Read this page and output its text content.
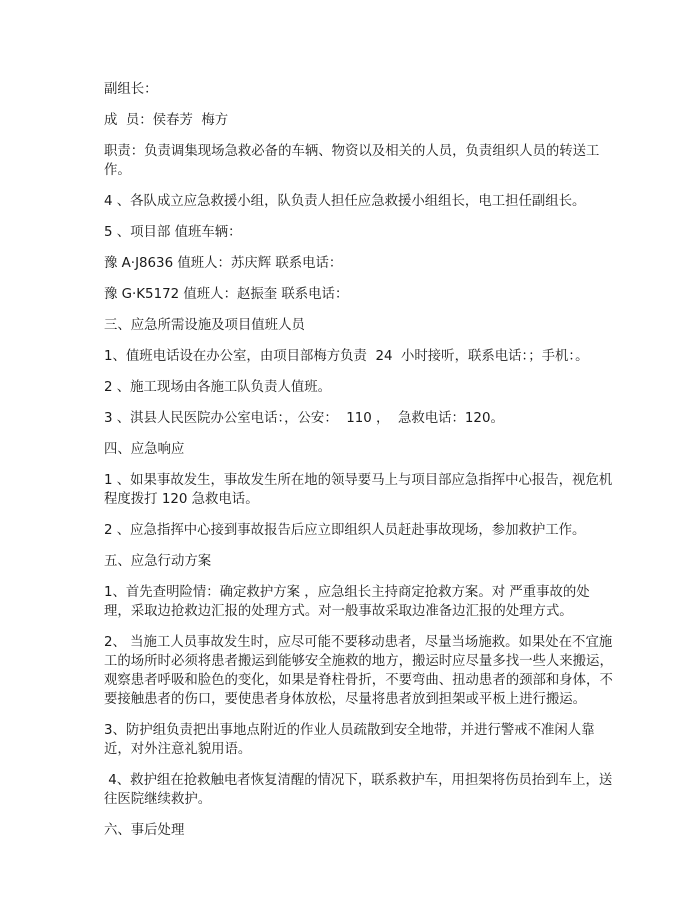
副组长：

成  员：侯春芳  梅方

职责：负责调集现场急救必备的车辆、物资以及相关的人员，负责组织人员的转送工作。

4 、各队成立应急救援小组，队负责人担任应急救援小组组长，电工担任副组长。

5 、项目部 值班车辆：

豫 A·J8636 值班人：苏庆辉 联系电话：

豫 G·K5172 值班人：赵振奎 联系电话：

三、应急所需设施及项目值班人员

1、值班电话设在办公室，由项目部梅方负责  24  小时接听，联系电话：；手机：。

2 、施工现场由各施工队负责人值班。

3 、淇县人民医院办公室电话：，公安：  110 ，  急救电话：120。

四、应急响应

1 、如果事故发生，事故发生所在地的领导要马上与项目部应急指挥中心报告，视危机程度拨打 120 急救电话。

2 、应急指挥中心接到事故报告后应立即组织人员赶赴事故现场，参加救护工作。

五、应急行动方案

1、首先查明险情：确定救护方案 ，应急组长主持商定抢救方案。对 严重事故的处理，采取边抢救边汇报的处理方式。对一般事故采取边准备边汇报的处理方式。

2、 当施工人员事故发生时，应尽可能不要移动患者，尽量当场施救。如果处在不宜施工的场所时必须将患者搬运到能够安全施救的地方，搬运时应尽量多找一些人来搬运，观察患者呼吸和脸色的变化，如果是脊柱骨折，不要弯曲、扭动患者的颈部和身体，不要接触患者的伤口，要使患者身体放松，尽量将患者放到担架或平板上进行搬运。

3、防护组负责把出事地点附近的作业人员疏散到安全地带，并进行警戒不准闲人靠近，对外注意礼貌用语。

4、救护组在抢救触电者恢复清醒的情况下，联系救护车，用担架将伤员抬到车上，送往医院继续救护。

六、事后处理
